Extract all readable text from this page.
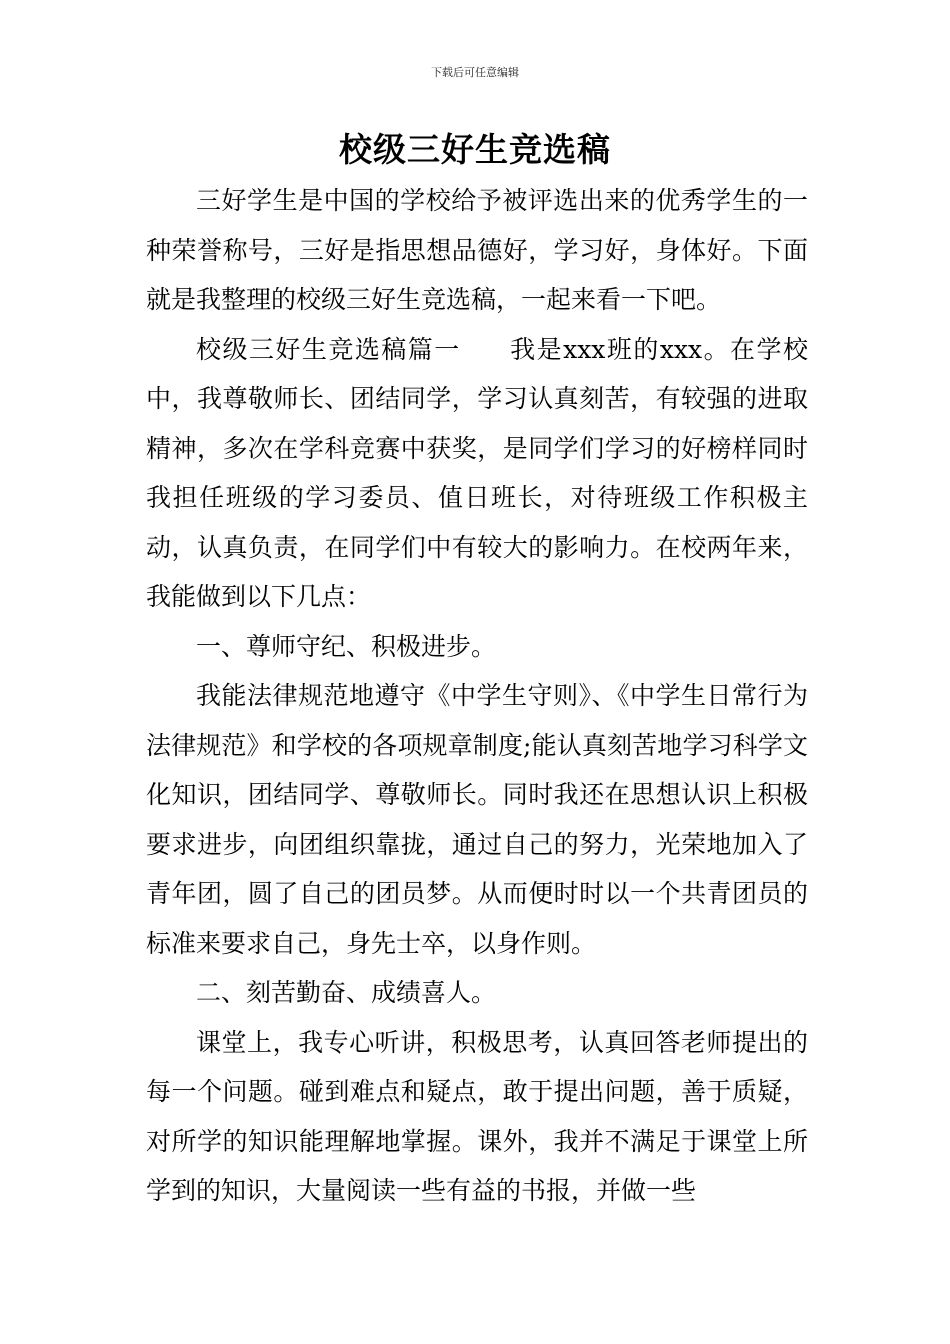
下载后可任意编辑
校级三好生竞选稿

三好学生是中国的学校给予被评选出来的优秀学生的一种荣誉称号，三好是指思想品德好，学习好，身体好。下面就是我整理的校级三好生竞选稿，一起来看一下吧。

校级三好生竞选稿篇一 我是xxx班的xxx。在学校中，我尊敬师长、团结同学，学习认真刻苦，有较强的进取精神，多次在学科竞赛中获奖，是同学们学习的好榜样同时我担任班级的学习委员、值日班长，对待班级工作积极主动，认真负责，在同学们中有较大的影响力。在校两年来，我能做到以下几点：

一、尊师守纪、积极进步。

我能法律规范地遵守《中学生守则》、《中学生日常行为法律规范》和学校的各项规章制度;能认真刻苦地学习科学文化知识，团结同学、尊敬师长。同时我还在思想认识上积极要求进步，向团组织靠拢，通过自己的努力，光荣地加入了青年团，圆了自己的团员梦。从而便时时以一个共青团员的标准来要求自己，身先士卒，以身作则。

二、刻苦勤奋、成绩喜人。

课堂上，我专心听讲，积极思考，认真回答老师提出的每一个问题。碰到难点和疑点，敢于提出问题，善于质疑，对所学的知识能理解地掌握。课外，我并不满足于课堂上所学到的知识，大量阅读一些有益的书报，并做一些
